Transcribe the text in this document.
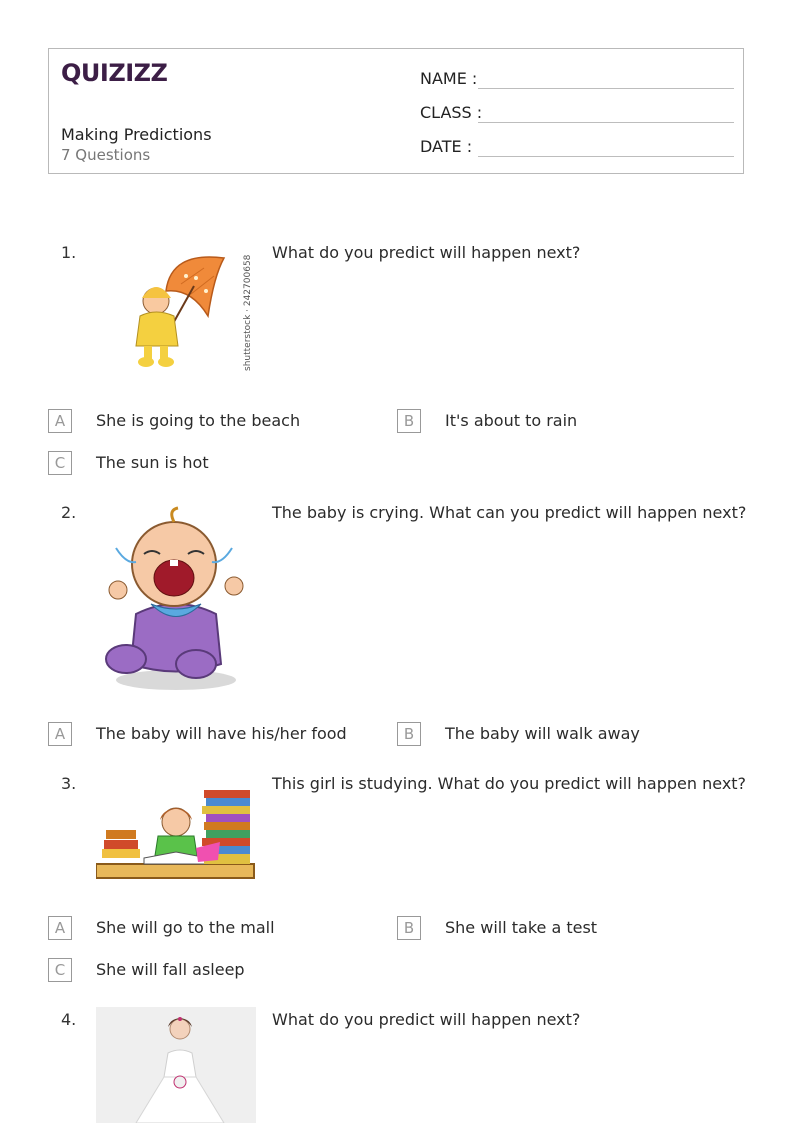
QUIZIZZ
Making Predictions
7 Questions
NAME :
CLASS :
DATE :
1.
shutterstock · 242700658
What do you predict will happen next?
A	She is going to the beach	B	It's about to rain
C	The sun is hot
2.	The baby is crying. What can you predict will happen next?
A	The baby will have his/her food	B	The baby will walk away
3.	This girl is studying. What do you predict will happen next?
A	She will go to the mall	B	She will take a test
C	She will fall asleep
4.	What do you predict will happen next?
